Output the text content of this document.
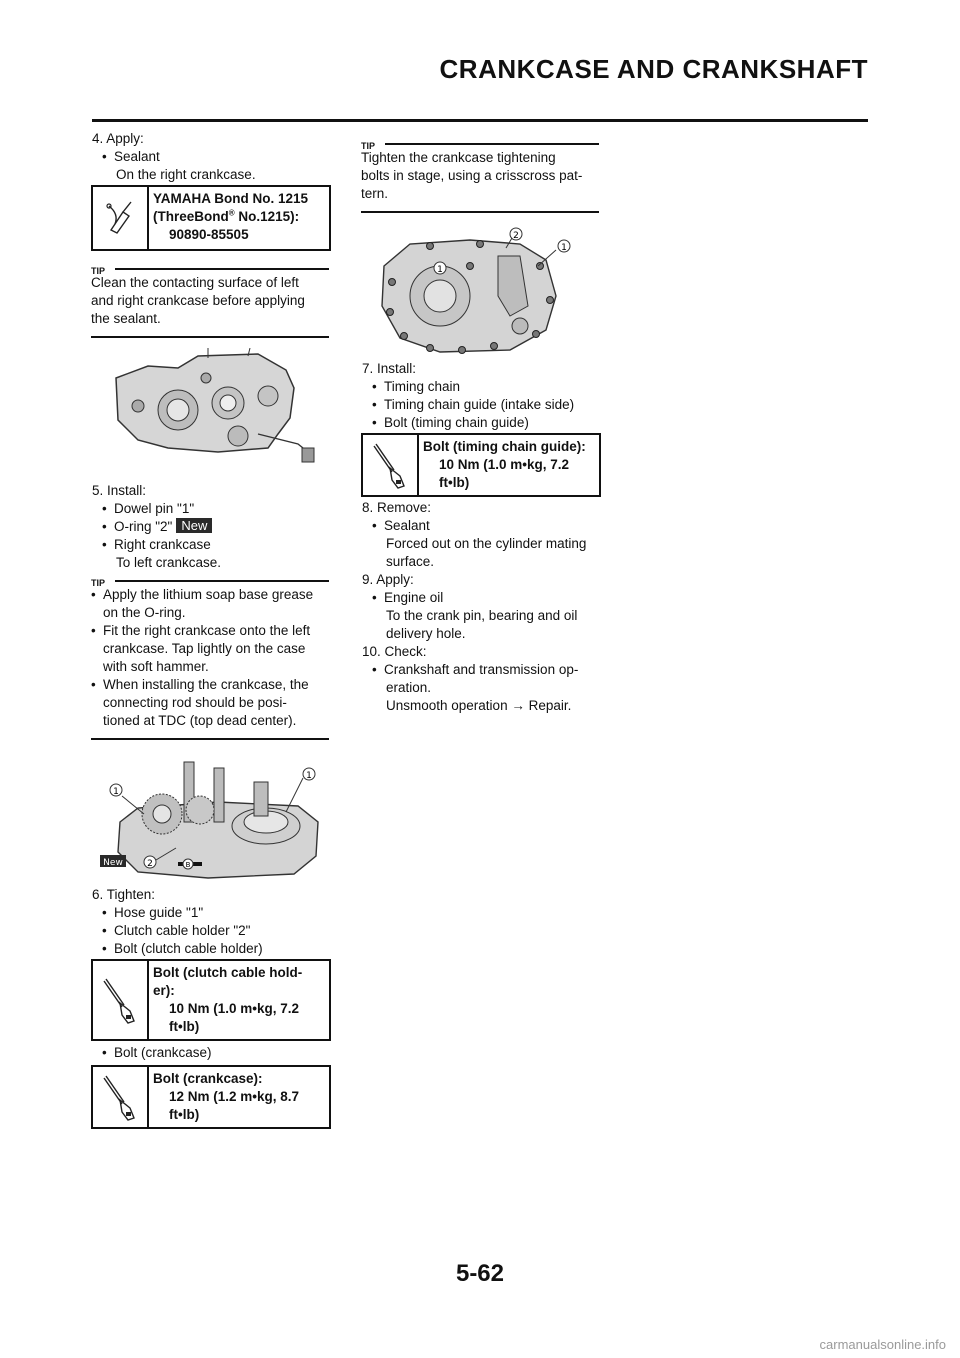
CRANKCASE AND CRANKSHAFT
4. Apply:
• Sealant
On the right crankcase.
YAMAHA Bond No. 1215
(ThreeBond® No.1215):
90890-85505
TIP
Clean the contacting surface of left
and right crankcase before applying
the sealant.
5. Install:
• Dowel pin "1"
• O-ring "2" New
• Right crankcase
To left crankcase.
TIP
• Apply the lithium soap base grease
on the O-ring.
• Fit the right crankcase onto the left
crankcase. Tap lightly on the case
with soft hammer.
• When installing the crankcase, the
connecting rod should be posi-
tioned at TDC (top dead center).
1
1
2
New	B
6. Tighten:
• Hose guide "1"
• Clutch cable holder "2"
• Bolt (clutch cable holder)
Bolt (clutch cable hold-
er):
10 Nm (1.0 m•kg, 7.2
ft•lb)
• Bolt (crankcase)
Bolt (crankcase):
12 Nm (1.2 m•kg, 8.7
ft•lb)
TIP
Tighten the crankcase tightening
bolts in stage, using a crisscross pat-
tern.
2
1
1
7. Install:
• Timing chain
• Timing chain guide (intake side)
• Bolt (timing chain guide)
Bolt (timing chain guide):
10 Nm (1.0 m•kg, 7.2
ft•lb)
8. Remove:
• Sealant
Forced out on the cylinder mating
surface.
9. Apply:
• Engine oil
To the crank pin, bearing and oil
delivery hole.
10. Check:
• Crankshaft and transmission op-
eration.
Unsmooth operation → Repair.
5-62
carmanualsonline.info
